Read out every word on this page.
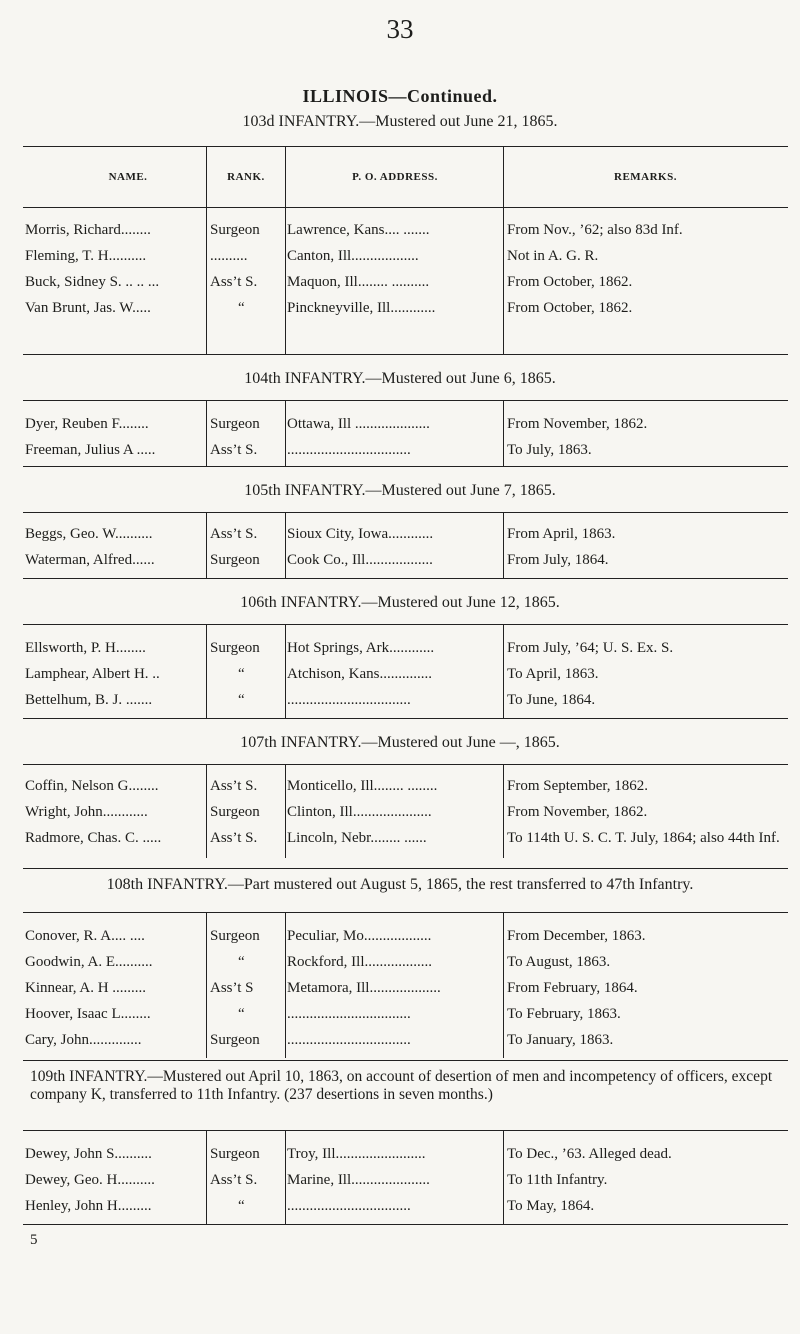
33
ILLINOIS—Continued.
103d INFANTRY.—Mustered out June 21, 1865.
NAME.	RANK.	P. O. ADDRESS.	REMARKS.
Morris, Richard........	Surgeon	Lawrence, Kans.... .......	From Nov., ’62; also 83d Inf.
Fleming, T. H..........	..........	Canton, Ill..................	Not in A. G. R.
Buck, Sidney S. .. .. ...	Ass’t S.	Maquon, Ill........ ..........	From October, 1862.
Van Brunt, Jas. W.....	“	Pinckneyville, Ill............	From October, 1862.
104th INFANTRY.—Mustered out June 6, 1865.
Dyer, Reuben F........	Surgeon	Ottawa, Ill ....................	From November, 1862.
Freeman, Julius A .....	Ass’t S.	.................................	To July, 1863.
105th INFANTRY.—Mustered out June 7, 1865.
Beggs, Geo. W..........	Ass’t S.	Sioux City, Iowa............	From April, 1863.
Waterman, Alfred......	Surgeon	Cook Co., Ill..................	From July, 1864.
106th INFANTRY.—Mustered out June 12, 1865.
Ellsworth, P. H........	Surgeon	Hot Springs, Ark............	From July, ’64; U. S. Ex. S.
Lamphear, Albert H. ..	“	Atchison, Kans..............	To April, 1863.
Bettelhum, B. J. .......	“	.................................	To June, 1864.
107th INFANTRY.—Mustered out June —, 1865.
Coffin, Nelson G........	Ass’t S.	Monticello, Ill........ ........	From September, 1862.
Wright, John............	Surgeon	Clinton, Ill.....................	From November, 1862.
Radmore, Chas. C. .....	Ass’t S.	Lincoln, Nebr........ ......	To 114th U. S. C. T. July, 1864; also 44th Inf.
108th INFANTRY.—Part mustered out August 5, 1865, the rest transferred to 47th Infantry.
Conover, R. A.... ....	Surgeon	Peculiar, Mo..................	From December, 1863.
Goodwin, A. E..........	“	Rockford, Ill..................	To August, 1863.
Kinnear, A. H .........	Ass’t S	Metamora, Ill...................	From February, 1864.
Hoover, Isaac L........	“	.................................	To February, 1863.
Cary, John..............	Surgeon	.................................	To January, 1863.
109th INFANTRY.—Mustered out April 10, 1863, on account of desertion of men and incompetency of officers, except company K, transferred to 11th Infantry. (237 desertions in seven months.)
Dewey, John S..........	Surgeon	Troy, Ill........................	To Dec., ’63. Alleged dead.
Dewey, Geo. H..........	Ass’t S.	Marine, Ill.....................	To 11th Infantry.
Henley, John H.........	“	.................................	To May, 1864.
5
